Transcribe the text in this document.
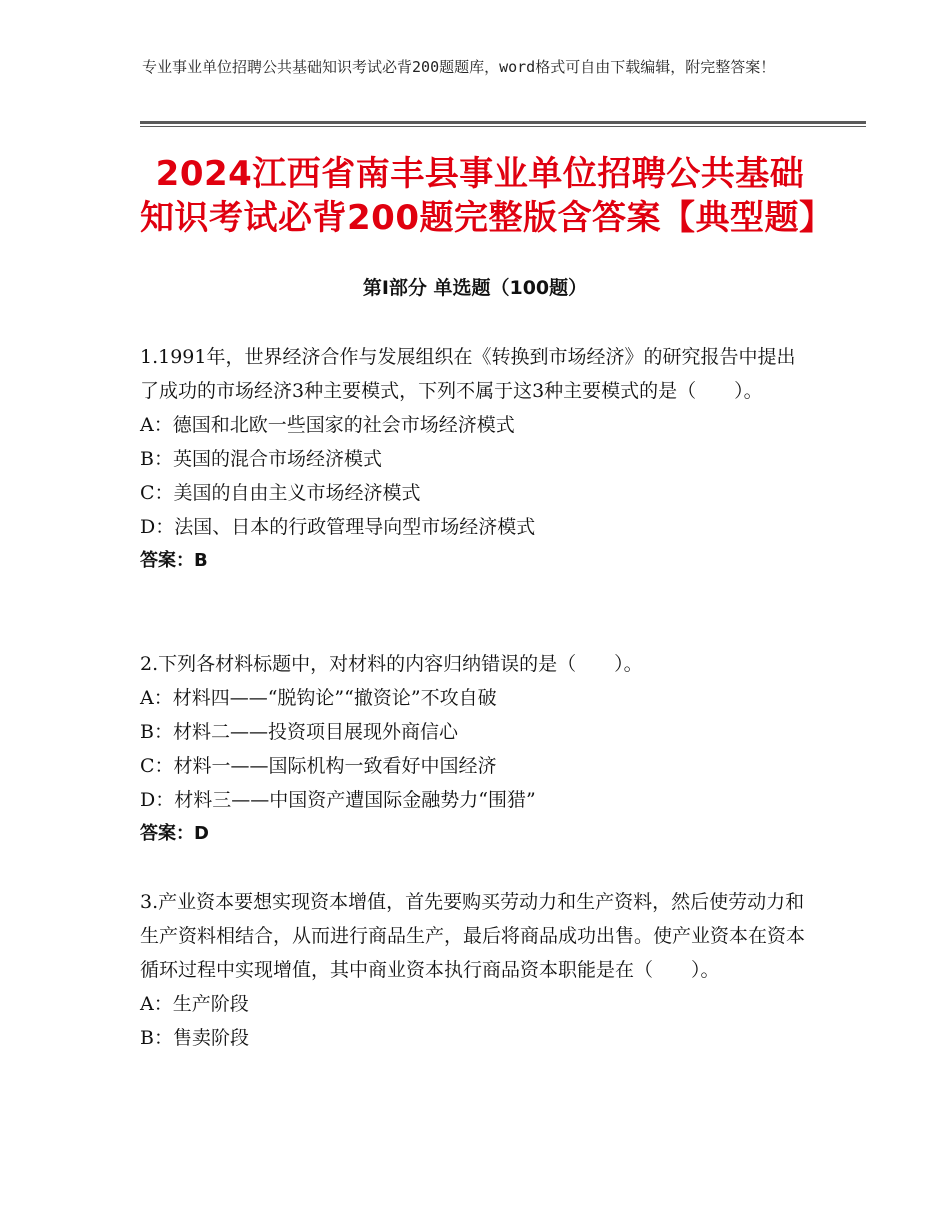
专业事业单位招聘公共基础知识考试必背200题题库，word格式可自由下载编辑，附完整答案！
2024江西省南丰县事业单位招聘公共基础知识考试必背200题完整版含答案【典型题】
第Ⅰ部分 单选题（100题）

1.1991年，世界经济合作与发展组织在《转换到市场经济》的研究报告中提出了成功的市场经济3种主要模式，下列不属于这3种主要模式的是（　　）。

A：德国和北欧一些国家的社会市场经济模式

B：英国的混合市场经济模式

C：美国的自由主义市场经济模式

D：法国、日本的行政管理导向型市场经济模式

答案：B

2.下列各材料标题中，对材料的内容归纳错误的是（　　）。

A：材料四——“脱钩论”“撤资论”不攻自破

B：材料二——投资项目展现外商信心

C：材料一——国际机构一致看好中国经济

D：材料三——中国资产遭国际金融势力“围猎”

答案：D

3.产业资本要想实现资本增值，首先要购买劳动力和生产资料，然后使劳动力和生产资料相结合，从而进行商品生产，最后将商品成功出售。使产业资本在资本循环过程中实现增值，其中商业资本执行商品资本职能是在（　　）。

A：生产阶段

B：售卖阶段
